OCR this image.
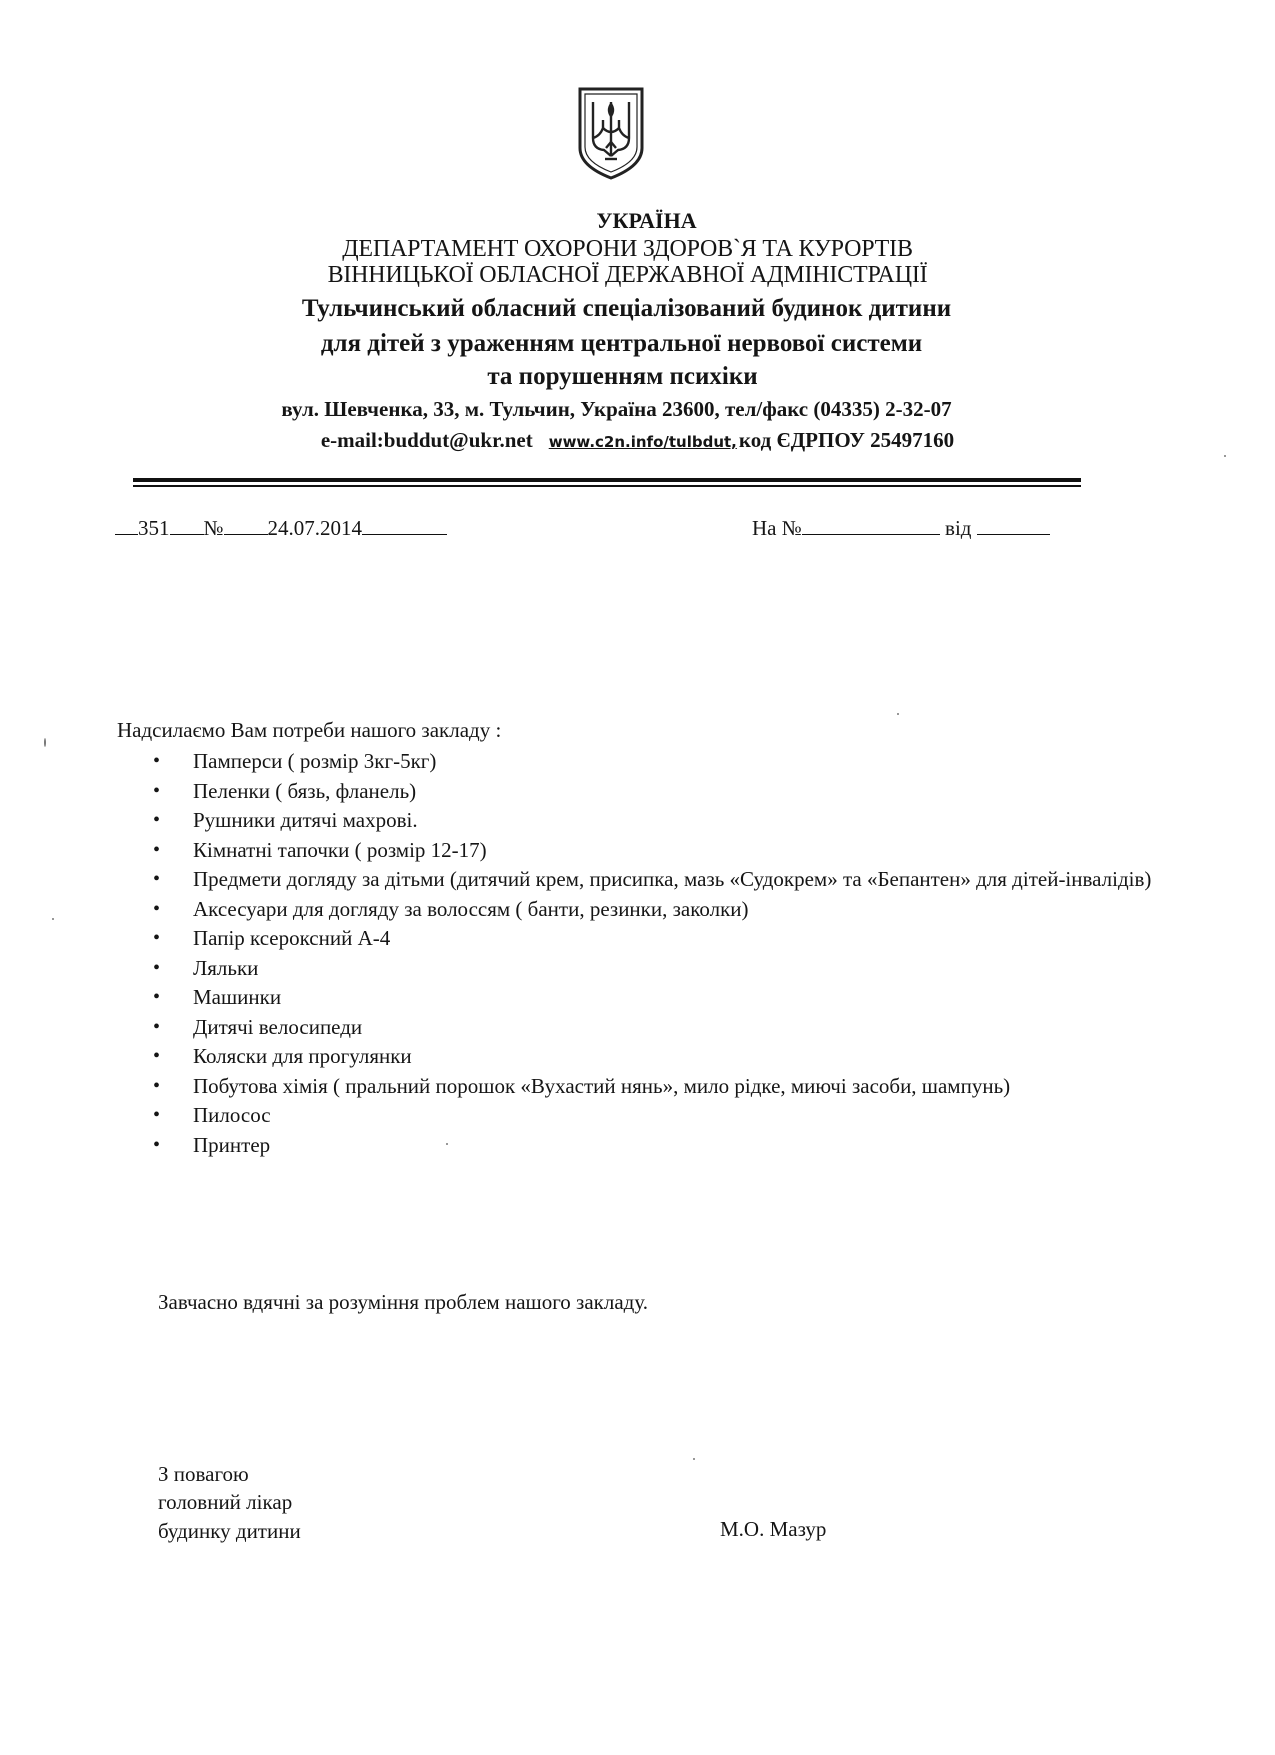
УКРАЇНА
ДЕПАРТАМЕНТ ОХОРОНИ ЗДОРОВ`Я ТА КУРОРТІВ
ВІННИЦЬКОЇ ОБЛАСНОЇ ДЕРЖАВНОЇ АДМІНІСТРАЦІЇ
Тульчинський обласний спеціалізований будинок дитини
для дітей з ураженням центральної нервової системи
та порушенням психіки
вул. Шевченка, 33, м. Тульчин, Україна 23600, тел/факс (04335) 2-32-07
e-mail:buddut@ukr.net www.c2n.info/tulbdut,код ЄДРПОУ 25497160
351 № 24.07.2014	На №	від
Надсилаємо Вам потреби нашого закладу :
• Памперси ( розмір 3кг-5кг)
• Пеленки ( бязь, фланель)
• Рушники дитячі махрові.
• Кімнатні тапочки ( розмір 12-17)
• Предмети догляду за дітьми (дитячий крем, присипка, мазь «Судокрем» та «Бепантен» для дітей-інвалідів)
• Аксесуари для догляду за волоссям ( банти, резинки, заколки)
• Папір ксероксний А-4
• Ляльки
• Машинки
• Дитячі велосипеди
• Коляски для прогулянки
• Побутова хімія ( пральний порошок «Вухастий нянь», мило рідке, миючі засоби, шампунь)
• Пилосос
• Принтер
Завчасно вдячні за розуміння проблем нашого закладу.
З повагою
головний лікар
будинку дитини	М.О. Мазур
